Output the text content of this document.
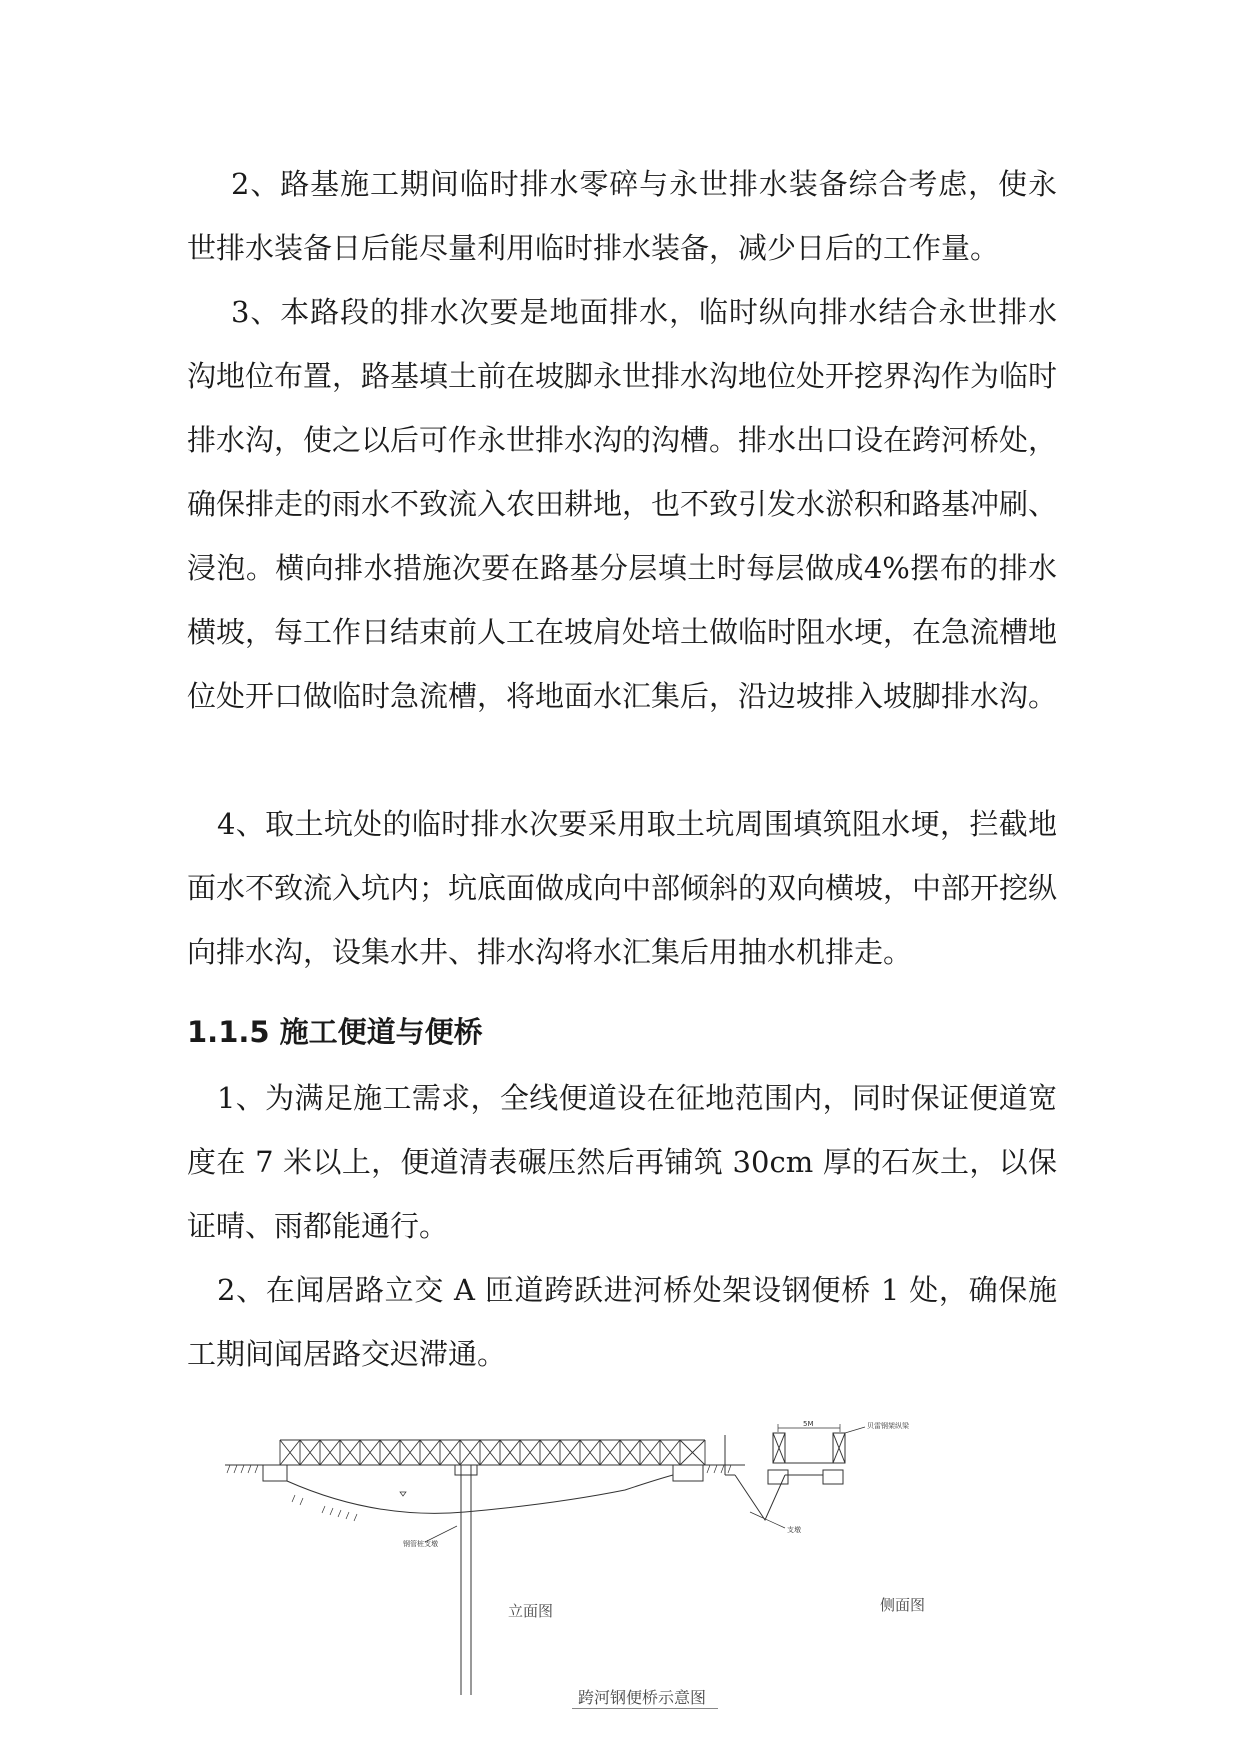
2、路基施工期间临时排水零碎与永世排水装备综合考虑，使永世排水装备日后能尽量利用临时排水装备，减少日后的工作量。

3、本路段的排水次要是地面排水，临时纵向排水结合永世排水沟地位布置，路基填土前在坡脚永世排水沟地位处开挖界沟作为临时排水沟，使之以后可作永世排水沟的沟槽。排水出口设在跨河桥处，确保排走的雨水不致流入农田耕地，也不致引发水淤积和路基冲刷、浸泡。横向排水措施次要在路基分层填土时每层做成4%摆布的排水横坡，每工作日结束前人工在坡肩处培土做临时阻水埂，在急流槽地位处开口做临时急流槽，将地面水汇集后，沿边坡排入坡脚排水沟。

4、取土坑处的临时排水次要采用取土坑周围填筑阻水埂，拦截地面水不致流入坑内；坑底面做成向中部倾斜的双向横坡，中部开挖纵向排水沟，设集水井、排水沟将水汇集后用抽水机排走。

1.1.5 施工便道与便桥

1、为满足施工需求，全线便道设在征地范围内，同时保证便道宽度在 7 米以上，便道清表碾压然后再铺筑 30cm 厚的石灰土，以保证晴、雨都能通行。

2、在闻居路立交 A 匝道跨跃进河桥处架设钢便桥 1 处，确保施工期间闻居路交迟滞通。

钢管桩支墩
支墩
5M	贝雷钢架纵梁
立面图	侧面图
跨河钢便桥示意图
